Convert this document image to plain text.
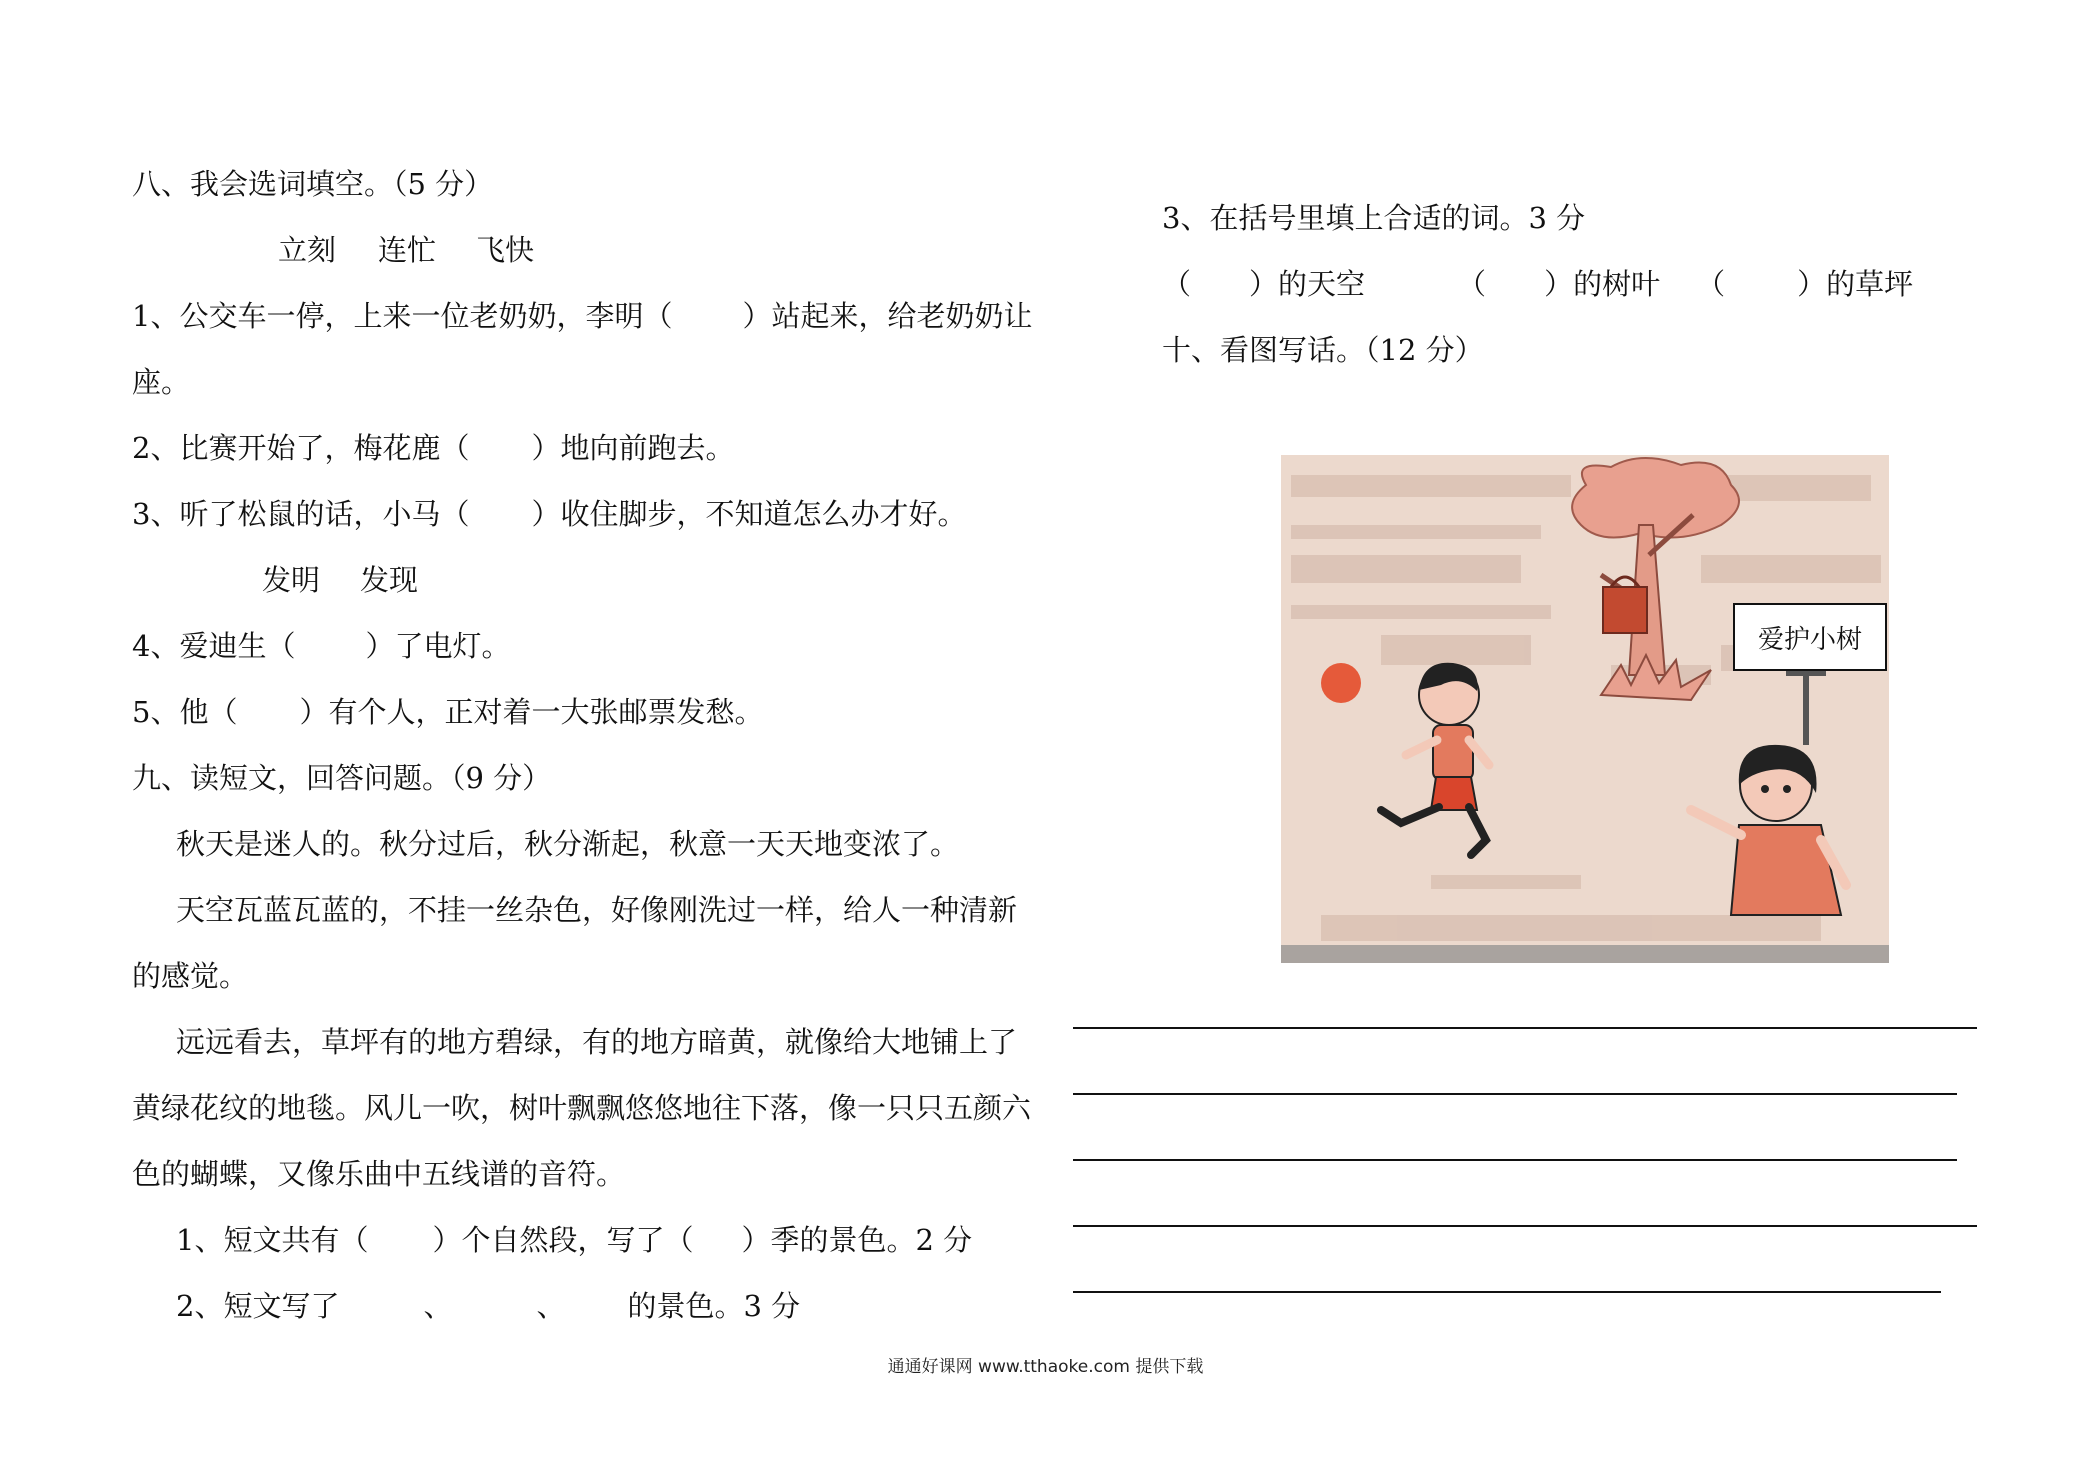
八、我会选词填空。（5 分）
立刻 连忙 飞快
1、公交车一停，上来一位老奶奶，李明（ ）站起来，给老奶奶让
座。
2、比赛开始了，梅花鹿（ ）地向前跑去。
3、听了松鼠的话，小马（ ）收住脚步，不知道怎么办才好。
发明 发现
4、爱迪生（ ）了电灯。
5、他（ ）有个人，正对着一大张邮票发愁。
九、读短文，回答问题。（9 分）
秋天是迷人的。秋分过后，秋分渐起，秋意一天天地变浓了。
天空瓦蓝瓦蓝的，不挂一丝杂色，好像刚洗过一样，给人一种清新
的感觉。
远远看去，草坪有的地方碧绿，有的地方暗黄，就像给大地铺上了
黄绿花纹的地毯。风儿一吹，树叶飘飘悠悠地往下落，像一只只五颜六
色的蝴蝶，又像乐曲中五线谱的音符。
1、短文共有（ ）个自然段，写了（ ）季的景色。2 分
2、短文写了	、	、 的景色。3 分
3、在括号里填上合适的词。3 分
（ ）的天空	（ ）的树叶 （ ）的草坪
十、看图写话。（12 分）
爱护小树
通通好课网 www.tthaoke.com 提供下载
